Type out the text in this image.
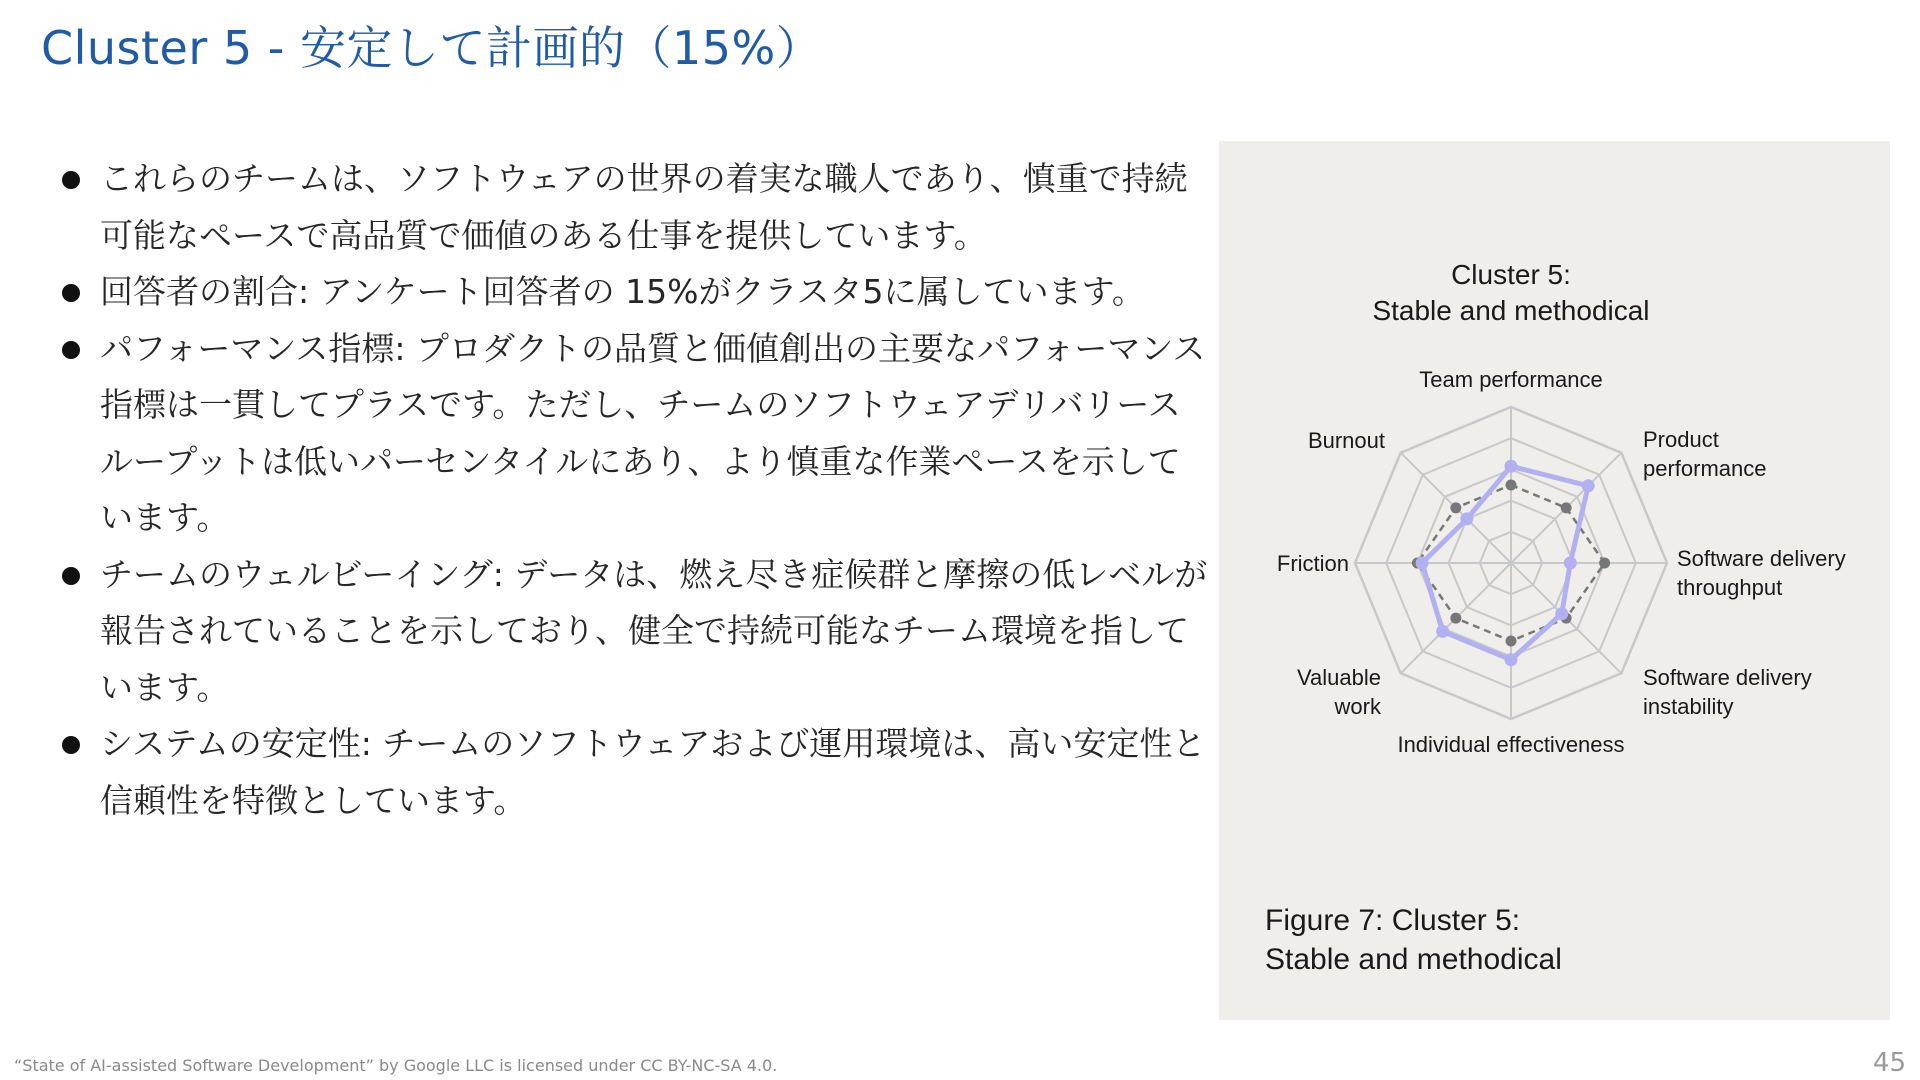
Cluster 5 - 安定して計画的（15%）
これらのチームは、ソフトウェアの世界の着実な職人であり、慎重で持続可能なペースで高品質で価値のある仕事を提供しています。
回答者の割合: アンケート回答者の 15%がクラスタ5に属しています。
パフォーマンス指標: プロダクトの品質と価値創出の主要なパフォーマンス指標は一貫してプラスです。ただし、チームのソフトウェアデリバリースループットは低いパーセンタイルにあり、より慎重な作業ペースを示しています。
チームのウェルビーイング: データは、燃え尽き症候群と摩擦の低レベルが報告されていることを示しており、健全で持続可能なチーム環境を指しています。
システムの安定性: チームのソフトウェアおよび運用環境は、高い安定性と信頼性を特徴としています。
Cluster 5:
Stable and methodical
Team performance
Product performance
Software delivery throughput
Software delivery instability
Individual effectiveness
Valuable work
Friction
Burnout
Figure 7: Cluster 5:
Stable and methodical
“State of AI-assisted Software Development” by Google LLC is licensed under CC BY-NC-SA 4.0.	45
